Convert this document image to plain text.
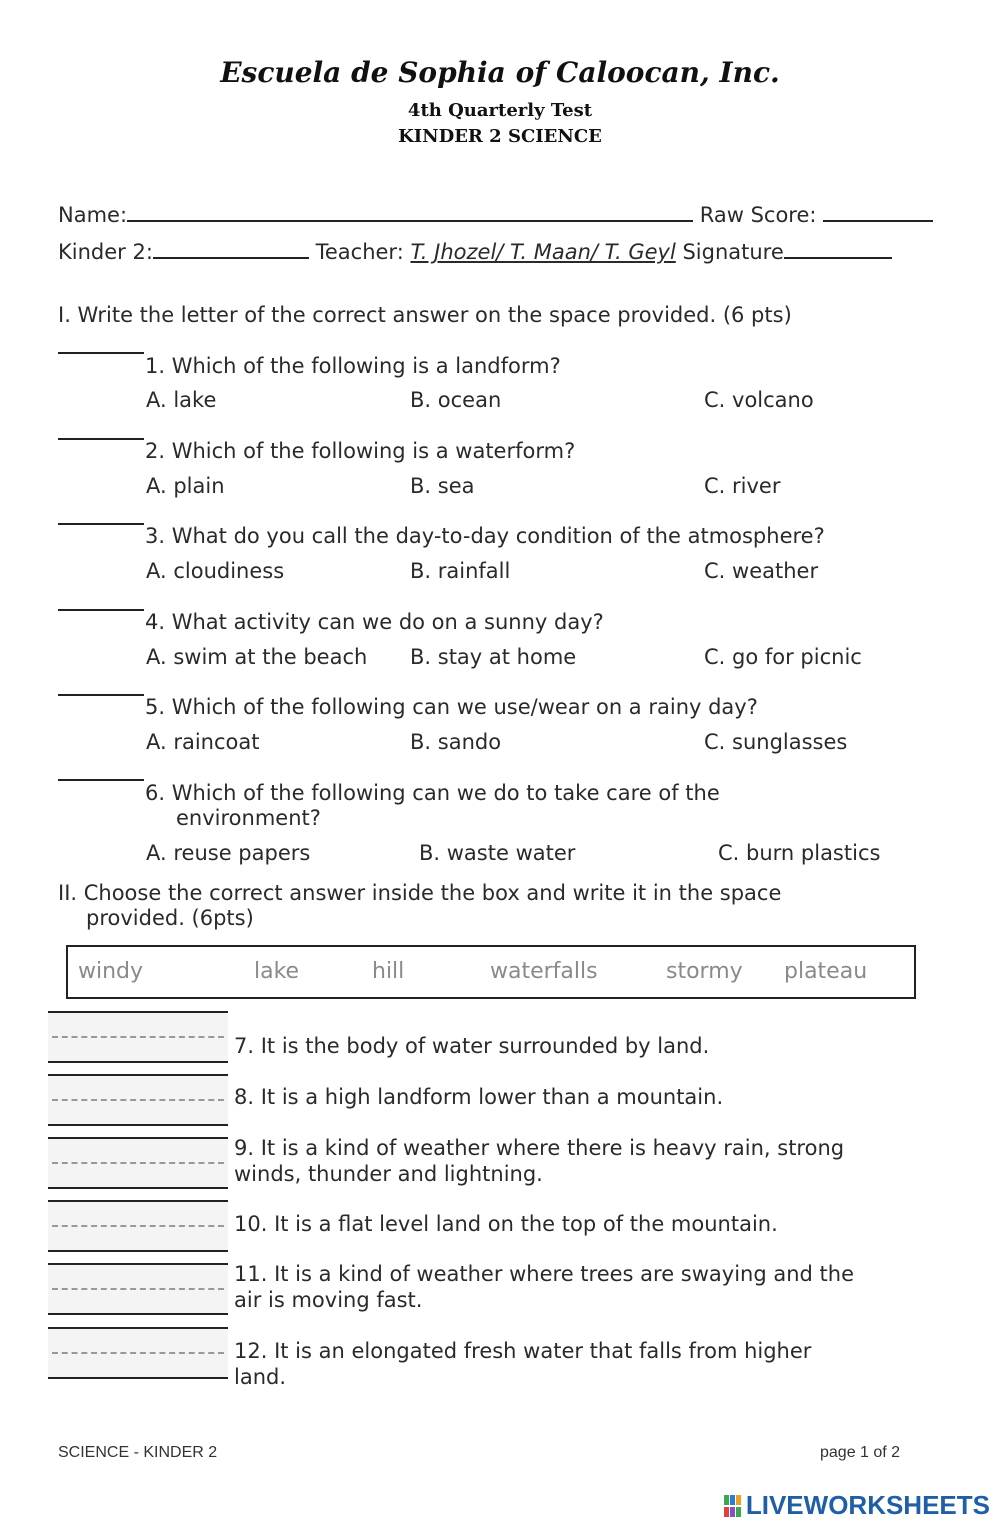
Escuela de Sophia of Caloocan, Inc.
4th Quarterly Test
KINDER 2 SCIENCE
Name:	Raw Score:
Kinder 2:	Teacher: T. Jhozel/ T. Maan/ T. Geyl Signature
I. Write the letter of the correct answer on the space provided. (6 pts)
1. Which of the following is a landform?
A. lake	B. ocean	C. volcano
2. Which of the following is a waterform?
A. plain	B. sea	C. river
3. What do you call the day-to-day condition of the atmosphere?
A. cloudiness	B. rainfall	C. weather
4. What activity can we do on a sunny day?
A. swim at the beach B. stay at home	C. go for picnic
5. Which of the following can we use/wear on a rainy day?
A. raincoat	B. sando	C. sunglasses
6. Which of the following can we do to take care of the
environment?
A. reuse papers	B. waste water	C. burn plastics
II. Choose the correct answer inside the box and write it in the space
provided. (6pts)
windy	lake	hill	waterfalls	stormy plateau
7. It is the body of water surrounded by land.
8. It is a high landform lower than a mountain.
9. It is a kind of weather where there is heavy rain, strong
winds, thunder and lightning.
10. It is a flat level land on the top of the mountain.
11. It is a kind of weather where trees are swaying and the
air is moving fast.
12. It is an elongated fresh water that falls from higher
land.
SCIENCE - KINDER 2	page 1 of 2
LIVEWORKSHEETS
